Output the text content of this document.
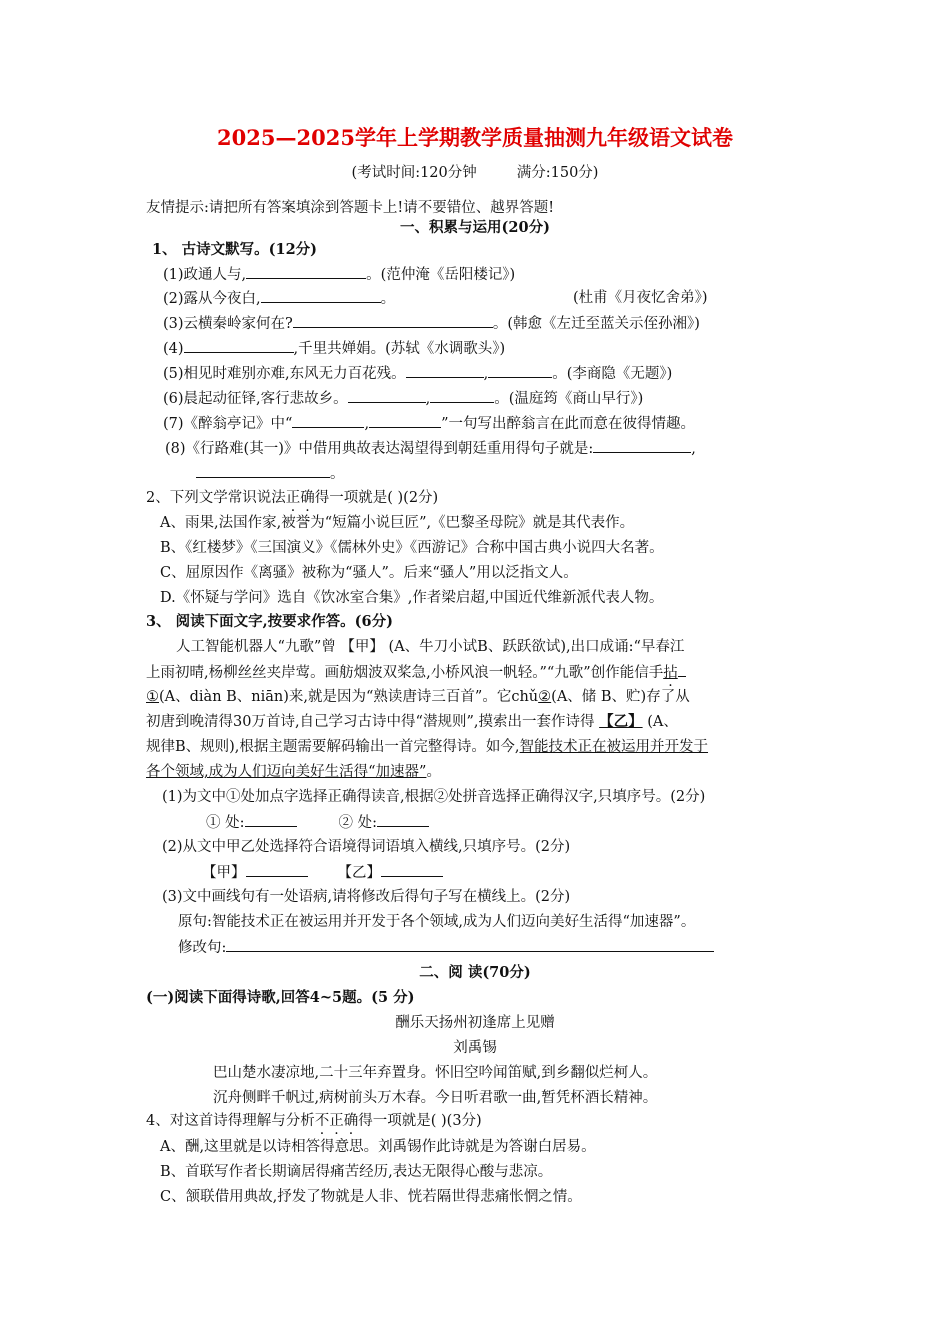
2025—2025学年上学期教学质量抽测九年级语文试卷
(考试时间:120分钟	满分:150分)
友情提示:请把所有答案填涂到答题卡上!请不要错位、越界答题!
一、积累与运用(20分)
1、 古诗文默写。(12分)
(1)政通人与,	。(范仲淹《岳阳楼记》)
(2)露从今夜白,	。	(杜甫《月夜忆舍弟》)
(3)云横秦岭家何在?	。(韩愈《左迁至蓝关示侄孙湘》)
(4)	,千里共婵娟。(苏轼《水调歌头》)
(5)相见时难别亦难,东风无力百花残。	,	。(李商隐《无题》)
(6)晨起动征铎,客行悲故乡。	,	。(温庭筠《商山早行》)
(7)《醉翁亭记》中“	,	”一句写出醉翁言在此而意在彼得情趣。
(8)《行路难(其一)》中借用典故表达渴望得到朝廷重用得句子就是:	,
。
2、下列文学常识说法正确得一项就是( )(2分)
A、雨果,法国作家,被誉为“短篇小说巨匠”,《巴黎圣母院》就是其代表作。
B、《红楼梦》《三国演义》《儒林外史》《西游记》合称中国古典小说四大名著。
C、屈原因作《离骚》被称为“骚人”。后来“骚人”用以泛指文人。
D.《怀疑与学问》选自《饮冰室合集》,作者梁启超,中国近代维新派代表人物。
3、 阅读下面文字,按要求作答。(6分)
人工智能机器人“九歌”曾 【甲】 (A、牛刀小试B、跃跃欲试),出口成诵:“早春江
上雨初晴,杨柳丝丝夹岸莺。画舫烟波双桨急,小桥风浪一帆轻。”“九歌”创作能信手拈
①(A、diàn B、niān)来,就是因为“熟读唐诗三百首”。它chǔ②(A、储 B、贮)存了从
初唐到晚清得30万首诗,自己学习古诗中得“潜规则”,摸索出一套作诗得 【乙】 (A、
规律B、规则),根据主题需要解码输出一首完整得诗。如今,智能技术正在被运用并开发于
各个领域,成为人们迈向美好生活得“加速器”。
(1)为文中①处加点字选择正确得读音,根据②处拼音选择正确得汉字,只填序号。(2分)
① 处:	② 处:
(2)从文中甲乙处选择符合语境得词语填入横线,只填序号。(2分)
【甲】	【乙】
(3)文中画线句有一处语病,请将修改后得句子写在横线上。(2分)
原句:智能技术正在被运用并开发于各个领域,成为人们迈向美好生活得“加速器”。
修改句:
二、阅 读(70分)
(一)阅读下面得诗歌,回答4~5题。(5 分)
酬乐天扬州初逢席上见赠
刘禹锡
巴山楚水凄凉地,二十三年弃置身。怀旧空吟闻笛赋,到乡翻似烂柯人。
沉舟侧畔千帆过,病树前头万木春。今日听君歌一曲,暂凭杯酒长精神。
4、对这首诗得理解与分析不正确得一项就是( )(3分)
A、酬,这里就是以诗相答得意思。刘禹锡作此诗就是为答谢白居易。
B、首联写作者长期谪居得痛苦经历,表达无限得心酸与悲凉。
C、颔联借用典故,抒发了物就是人非、恍若隔世得悲痛怅惘之情。
